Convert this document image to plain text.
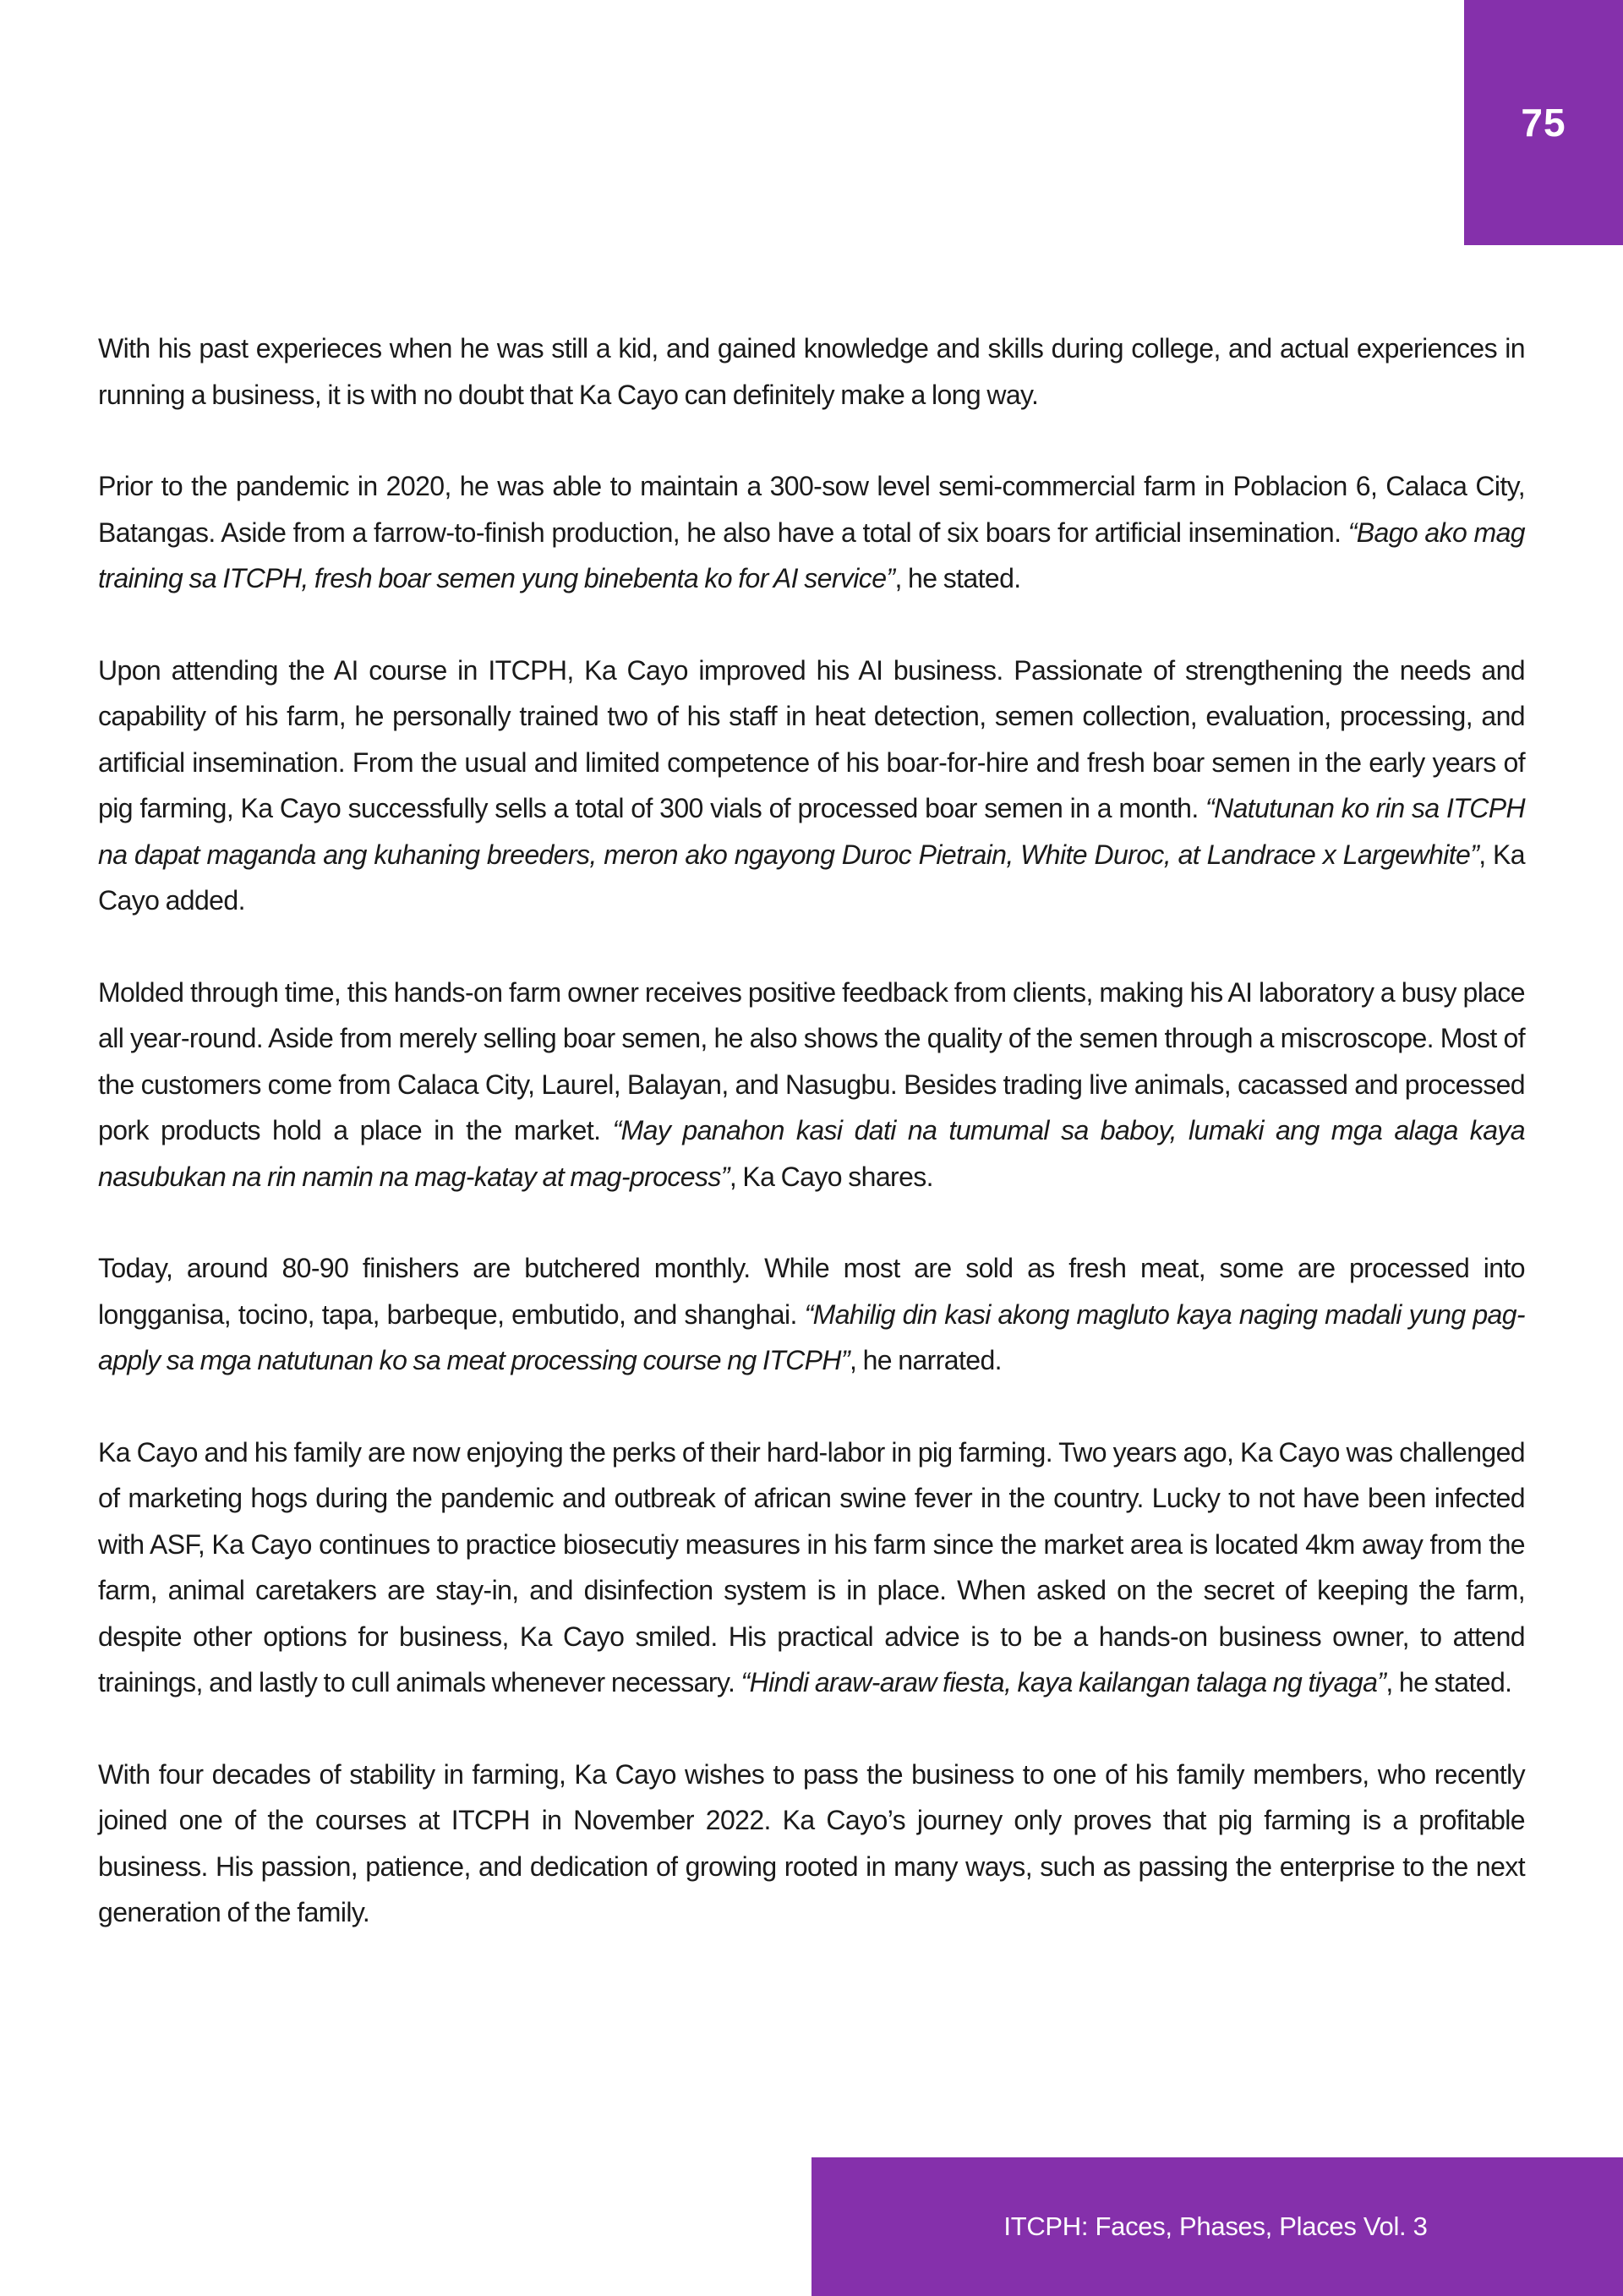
75

With his past experieces when he was still a kid, and gained knowledge and skills during college, and actual experiences in running a business, it is with no doubt that Ka Cayo can definitely make a long way.

Prior to the pandemic in 2020, he was able to maintain a 300-sow level semi-commercial farm in Poblacion 6, Calaca City, Batangas. Aside from a farrow-to-finish production, he also have a total of six boars for artificial insemination. “Bago ako mag training sa ITCPH, fresh boar semen yung binebenta ko for AI service”, he stated.

Upon attending the AI course in ITCPH, Ka Cayo improved his AI business. Passionate of strengthening the needs and capability of his farm, he personally trained two of his staff in heat detection, semen collection, evaluation, processing, and artificial insemination. From the usual and limited competence of his boar-for-hire and fresh boar semen in the early years of pig farming, Ka Cayo successfully sells a total of 300 vials of processed boar semen in a month. “Natutunan ko rin sa ITCPH na dapat maganda ang kuhaning breeders, meron ako ngayong Duroc Pietrain, White Duroc, at Landrace x Largewhite”, Ka Cayo added.

Molded through time, this hands-on farm owner receives positive feedback from clients, making his AI laboratory a busy place all year-round. Aside from merely selling boar semen, he also shows the quality of the semen through a miscroscope. Most of the customers come from Calaca City, Laurel, Balayan, and Nasugbu. Besides trading live animals, cacassed and processed pork products hold a place in the market. “May panahon kasi dati na tumumal sa baboy, lumaki ang mga alaga kaya nasubukan na rin namin na mag-katay at mag-process”, Ka Cayo shares.

Today, around 80-90 finishers are butchered monthly. While most are sold as fresh meat, some are processed into longganisa, tocino, tapa, barbeque, embutido, and shanghai. “Mahilig din kasi akong magluto kaya naging madali yung pag-apply sa mga natutunan ko sa meat processing course ng ITCPH”, he narrated.

Ka Cayo and his family are now enjoying the perks of their hard-labor in pig farming. Two years ago, Ka Cayo was challenged of marketing hogs during the pandemic and outbreak of african swine fever in the country. Lucky to not have been infected with ASF, Ka Cayo continues to practice biosecutiy measures in his farm since the market area is located 4km away from the farm, animal caretakers are stay-in, and disinfection system is in place. When asked on the secret of keeping the farm, despite other options for business, Ka Cayo smiled. His practical advice is to be a hands-on business owner, to attend trainings, and lastly to cull animals whenever necessary. “Hindi araw-araw fiesta, kaya kailangan talaga ng tiyaga”, he stated.

With four decades of stability in farming, Ka Cayo wishes to pass the business to one of his family members, who recently joined one of the courses at ITCPH in November 2022. Ka Cayo’s journey only proves that pig farming is a profitable business. His passion, patience, and dedication of growing rooted in many ways, such as passing the enterprise to the next generation of the family.

ITCPH: Faces, Phases, Places Vol. 3
